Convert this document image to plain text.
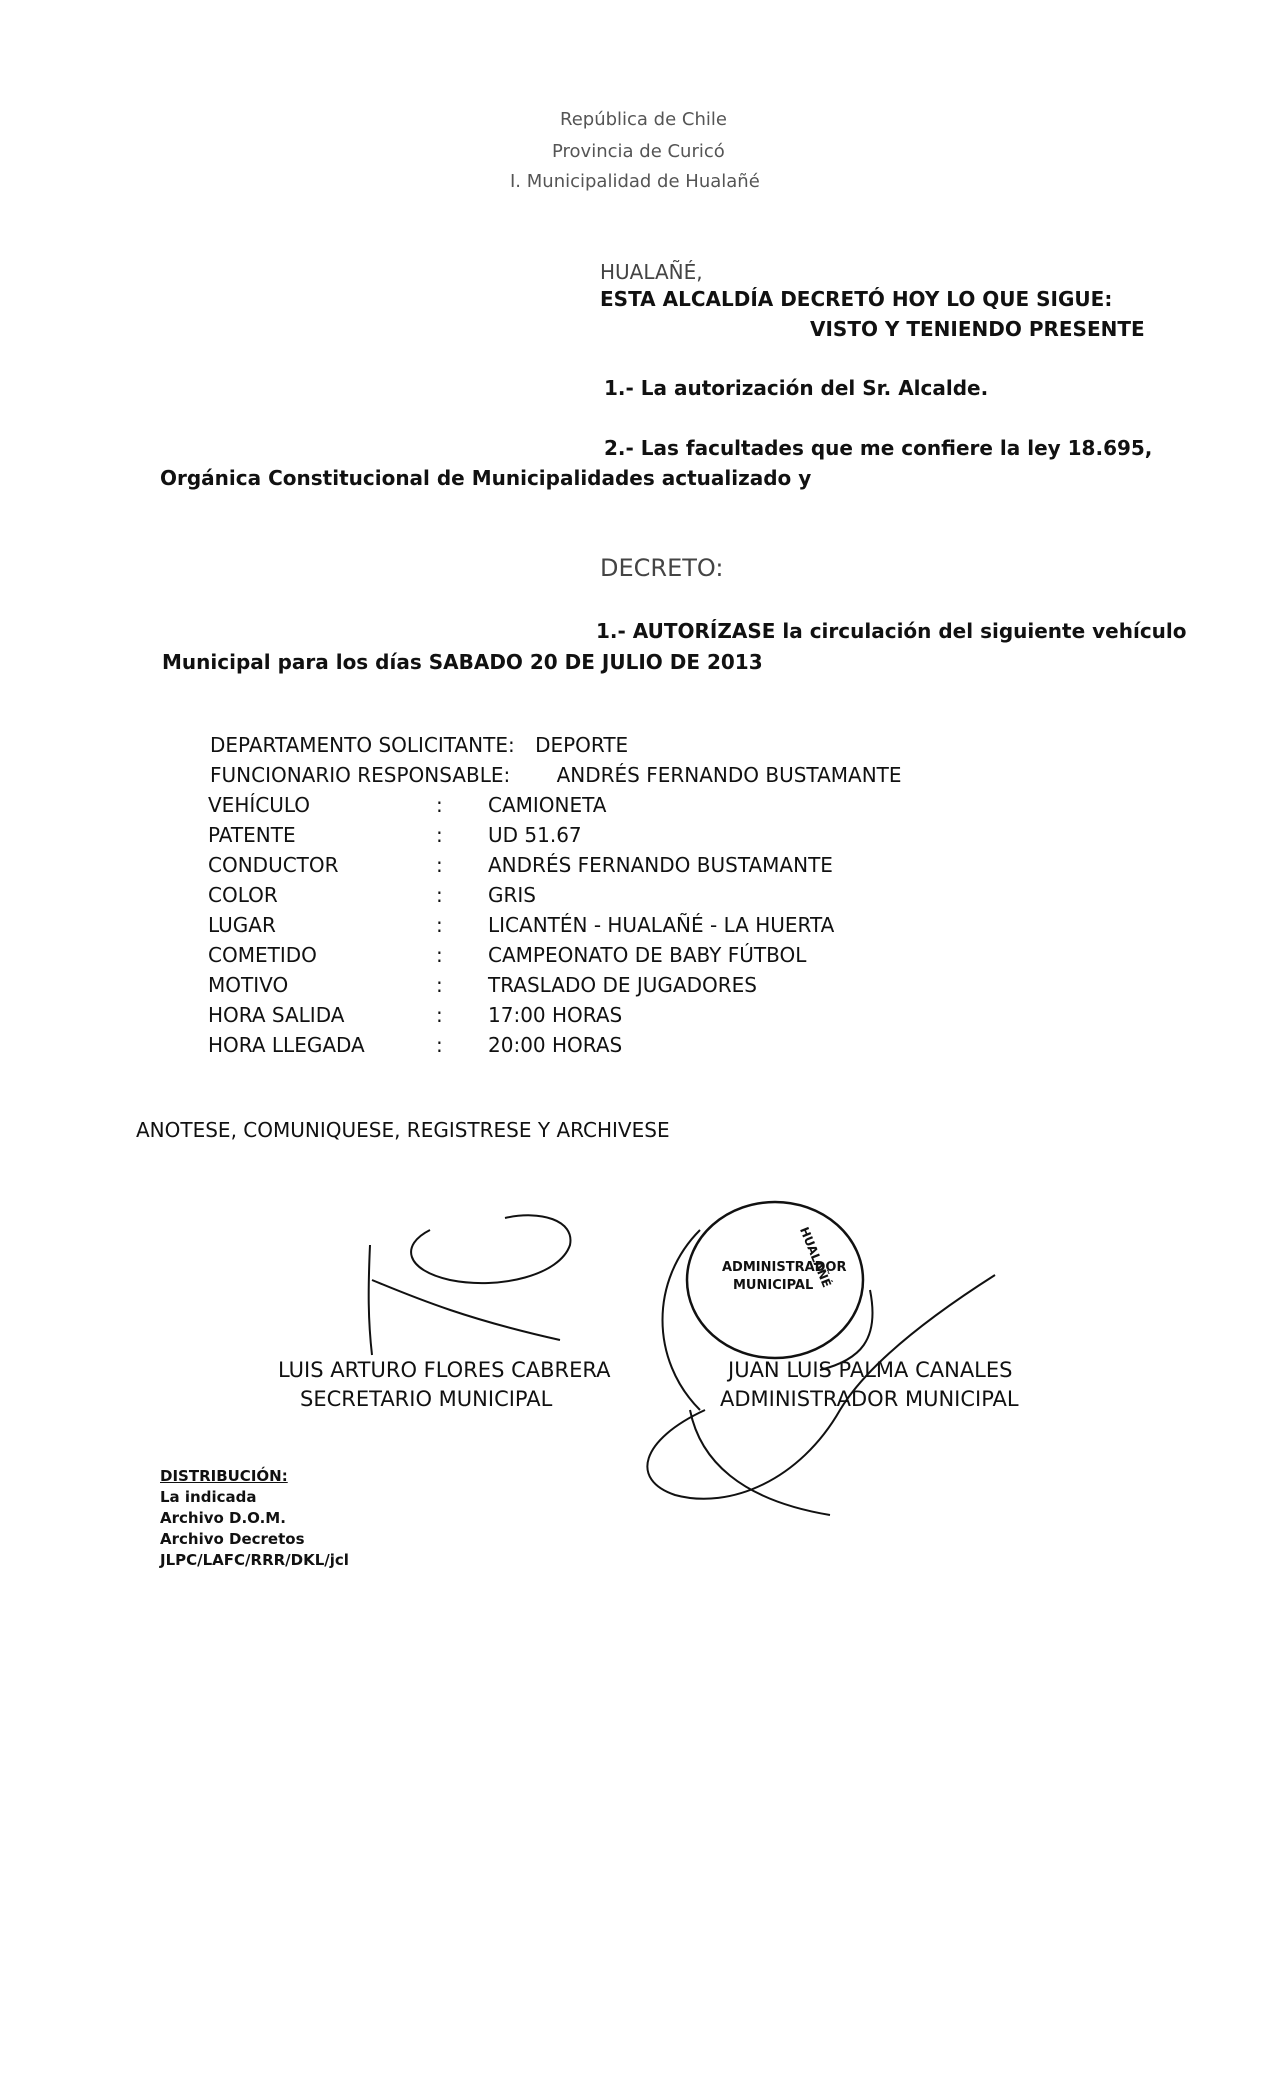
República de Chile
Provincia de Curicó
I. Municipalidad de Hualañé
HUALAÑÉ,
ESTA ALCALDÍA DECRETÓ HOY LO QUE SIGUE:
VISTO Y TENIENDO PRESENTE
1.- La autorización del Sr. Alcalde.
2.- Las facultades que me confiere la ley 18.695,
Orgánica Constitucional de Municipalidades actualizado y
DECRETO:
1.- AUTORÍZASE la circulación del siguiente vehículo
Municipal para los días SABADO 20 DE JULIO DE 2013
DEPARTAMENTO SOLICITANTE: DEPORTE
FUNCIONARIO RESPONSABLE: ANDRÉS FERNANDO BUSTAMANTE
VEHÍCULO	: CAMIONETA
PATENTE	: UD 51.67
CONDUCTOR	: ANDRÉS FERNANDO BUSTAMANTE
COLOR	: GRIS
LUGAR	: LICANTÉN - HUALAÑÉ - LA HUERTA
COMETIDO	: CAMPEONATO DE BABY FÚTBOL
MOTIVO	: TRASLADO DE JUGADORES
HORA SALIDA	: 17:00 HORAS
HORA LLEGADA	: 20:00 HORAS
ANOTESE, COMUNIQUESE, REGISTRESE Y ARCHIVESE
ADMINISTRADOR
MUNICIPAL
HUALAÑÉ
LUIS ARTURO FLORES CABRERA
SECRETARIO MUNICIPAL
JUAN LUIS PALMA CANALES
ADMINISTRADOR MUNICIPAL
DISTRIBUCIÓN:
La indicada
Archivo D.O.M.
Archivo Decretos
JLPC/LAFC/RRR/DKL/jcl
